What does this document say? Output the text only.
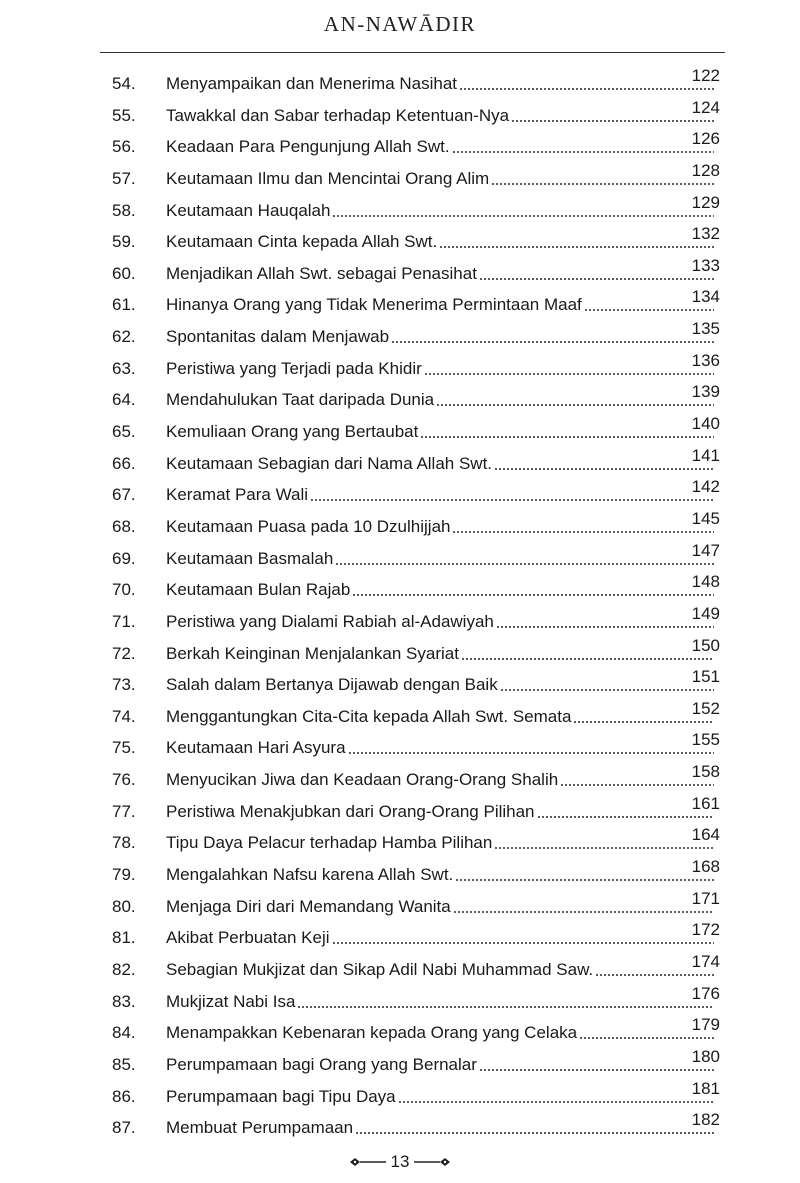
AN-NAWĀDIR
54. Menyampaikan dan Menerima Nasihat	122
55. Tawakkal dan Sabar terhadap Ketentuan-Nya	124
56. Keadaan Para Pengunjung Allah Swt.	126
57. Keutamaan Ilmu dan Mencintai Orang Alim	128
58. Keutamaan Hauqalah	129
59. Keutamaan Cinta kepada Allah Swt.	132
60. Menjadikan Allah Swt. sebagai Penasihat	133
61. Hinanya Orang yang Tidak Menerima Permintaan Maaf	134
62. Spontanitas dalam Menjawab	135
63. Peristiwa yang Terjadi pada Khidir	136
64. Mendahulukan Taat daripada Dunia	139
65. Kemuliaan Orang yang Bertaubat	140
66. Keutamaan Sebagian dari Nama Allah Swt.	141
67. Keramat Para Wali	142
68. Keutamaan Puasa pada 10 Dzulhijjah	145
69. Keutamaan Basmalah	147
70. Keutamaan Bulan Rajab	148
71. Peristiwa yang Dialami Rabiah al-Adawiyah	149
72. Berkah Keinginan Menjalankan Syariat	150
73. Salah dalam Bertanya Dijawab dengan Baik	151
74. Menggantungkan Cita-Cita kepada Allah Swt. Semata	152
75. Keutamaan Hari Asyura	155
76. Menyucikan Jiwa dan Keadaan Orang-Orang Shalih	158
77. Peristiwa Menakjubkan dari Orang-Orang Pilihan	161
78. Tipu Daya Pelacur terhadap Hamba Pilihan	164
79. Mengalahkan Nafsu karena Allah Swt.	168
80. Menjaga Diri dari Memandang Wanita	171
81. Akibat Perbuatan Keji	172
82. Sebagian Mukjizat dan Sikap Adil Nabi Muhammad Saw.	174
83. Mukjizat Nabi Isa	176
84. Menampakkan Kebenaran kepada Orang yang Celaka	179
85. Perumpamaan bagi Orang yang Bernalar	180
86. Perumpamaan bagi Tipu Daya	181
87. Membuat Perumpamaan	182
13
